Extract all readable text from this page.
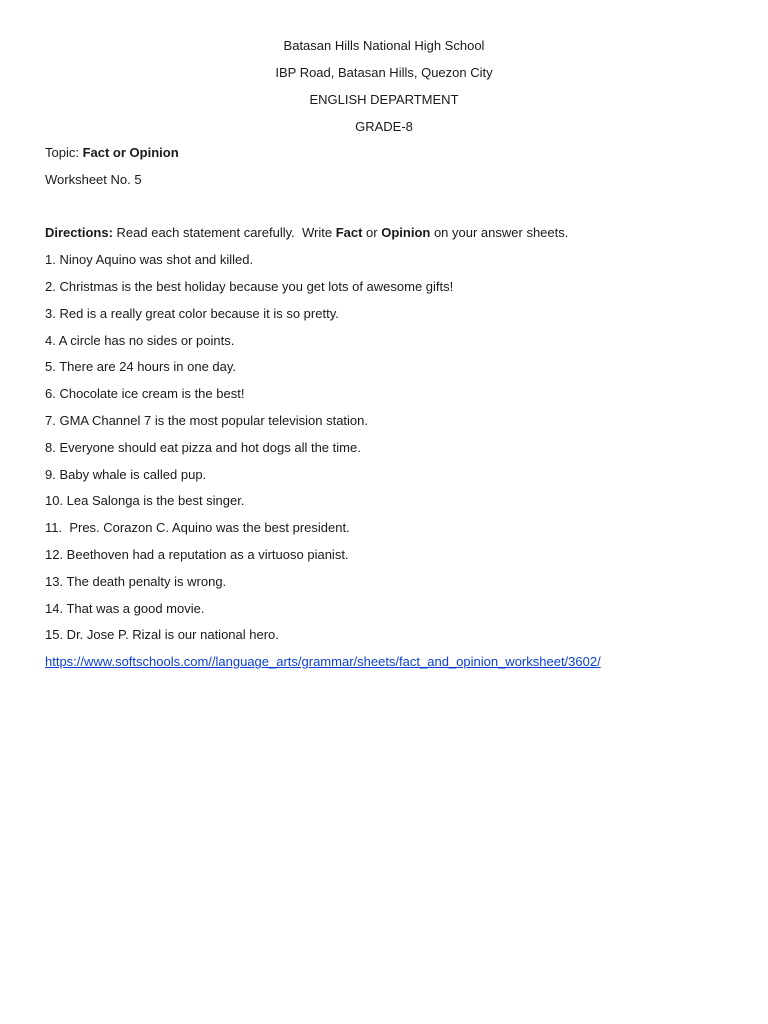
Batasan Hills National High School
IBP Road, Batasan Hills, Quezon City
ENGLISH DEPARTMENT
GRADE-8
Topic: Fact or Opinion
Worksheet No. 5
Directions: Read each statement carefully.  Write Fact or Opinion on your answer sheets.
1. Ninoy Aquino was shot and killed.
2. Christmas is the best holiday because you get lots of awesome gifts!
3. Red is a really great color because it is so pretty.
4. A circle has no sides or points.
5. There are 24 hours in one day.
6. Chocolate ice cream is the best!
7. GMA Channel 7 is the most popular television station.
8. Everyone should eat pizza and hot dogs all the time.
9. Baby whale is called pup.
10. Lea Salonga is the best singer.
11.  Pres. Corazon C. Aquino was the best president.
12. Beethoven had a reputation as a virtuoso pianist.
13. The death penalty is wrong.
14. That was a good movie.
15. Dr. Jose P. Rizal is our national hero.
https://www.softschools.com//language_arts/grammar/sheets/fact_and_opinion_worksheet/3602/
